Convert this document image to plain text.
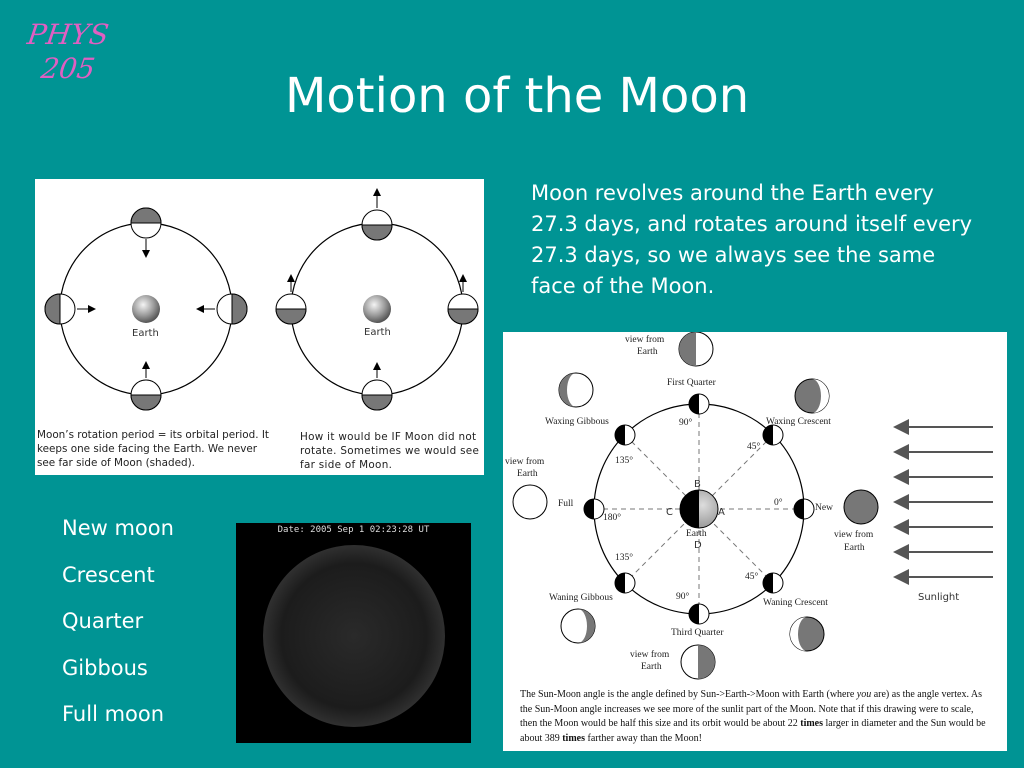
PHYS
205	Motion of the Moon
Moon revolves around the Earth every 27.3 days, and rotates around itself every 27.3 days, so we always see the same face of the Moon.
New moon
Crescent
Quarter
Gibbous
Full moon
Earth	Earth
Moon’s rotation period = its orbital period. It keeps one side facing the Earth. We never see far side of Moon (shaded).
How it would be IF Moon did not rotate. Sometimes we would see far side of Moon.
Date: 2005 Sep 1 02:23:28 UT
B
C	A
D
Earth
90°
45°
135°
0°
180°
135°
45°
90°
First Quarter
Third Quarter
Waxing Gibbous	Waxing Crescent
Waning Gibbous	Waning Crescent
Full	New
view from
Earth
view from
Earth
view from
Earth
view from
Earth
Sunlight
The Sun-Moon angle is the angle defined by Sun->Earth->Moon with Earth (where you are) as the angle vertex. As the Sun-Moon angle increases we see more of the sunlit part of the Moon. Note that if this drawing were to scale, then the Moon would be half this size and its orbit would be about 22 times larger in diameter and the Sun would be about 389 times farther away than the Moon!
